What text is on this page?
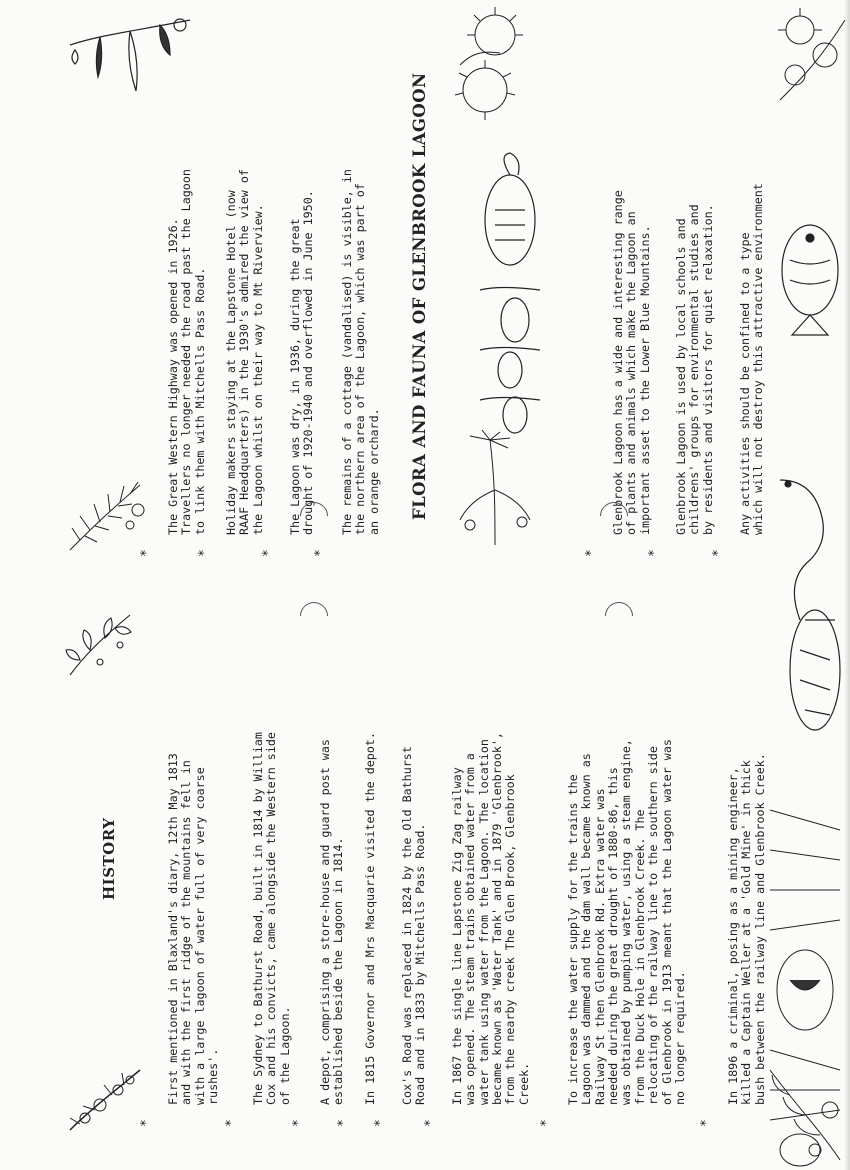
HISTORY

*

First mentioned in Blaxland's diary, 12th May 1813
and with the first ridge of the mountains fell in
with a large lagoon of water full of very coarse
rushes'.

*

The Sydney to Bathurst Road, built in 1814 by William
Cox and his convicts, came alongside the Western side
of the Lagoon.

*

A depot, comprising a store-house and guard post was
established beside the Lagoon in 1814.

*

In 1815 Governor and Mrs Macquarie visited the depot.

*

Cox's Road was replaced in 1824 by the Old Bathurst
Road and in 1833 by Mitchells Pass Road.

*

In 1867 the single line Lapstone Zig Zag railway
was opened. The steam trains obtained water from a
water tank using water from the Lagoon. The location
became known as 'Water Tank' and in 1879 'Glenbrook',
from the nearby creek The Glen Brook, Glenbrook
Creek.

*

To increase the water supply for the trains the
Lagoon was dammed and the dam wall became known as
Railway St then Glenbrook Rd. Extra water was
needed during the great drought of 1880-86, this
was obtained by pumping water, using a steam engine,
from the Duck Hole in Glenbrook Creek. The
relocating of the railway line to the southern side
of Glenbrook in 1913 meant that the Lagoon water was
no longer required.

*

In 1896 a criminal, posing as a mining engineer,
killed a Captain Weller at a 'Gold Mine' in thick
bush between the railway line and Glenbrook Creek.

*

The Great Western Highway was opened in 1926.
Travellers no longer needed the road past the Lagoon
to link them with Mitchells Pass Road.

*

Holiday makers staying at the Lapstone Hotel (now
RAAF Headquarters) in the 1930's admired the view of
the Lagoon whilst on their way to Mt Riverview.

*

The Lagoon was dry, in 1936, during the great
drought of 1920-1940 and overflowed in June 1950.

*

The remains of a cottage (vandalised) is visible, in
the northern area of the Lagoon, which was part of
an orange orchard. FLORA AND FAUNA OF GLENBROOK LAGOON

*

Glenbrook Lagoon has a wide and interesting range
of plants and animals which make the Lagoon an
important asset to the Lower Blue Mountains.

*

Glenbrook Lagoon is used by local schools and
childrens' groups for environmental studies and
by residents and visitors for quiet relaxation.

*

Any activities should be confined to a type
which will not destroy this attractive environment
